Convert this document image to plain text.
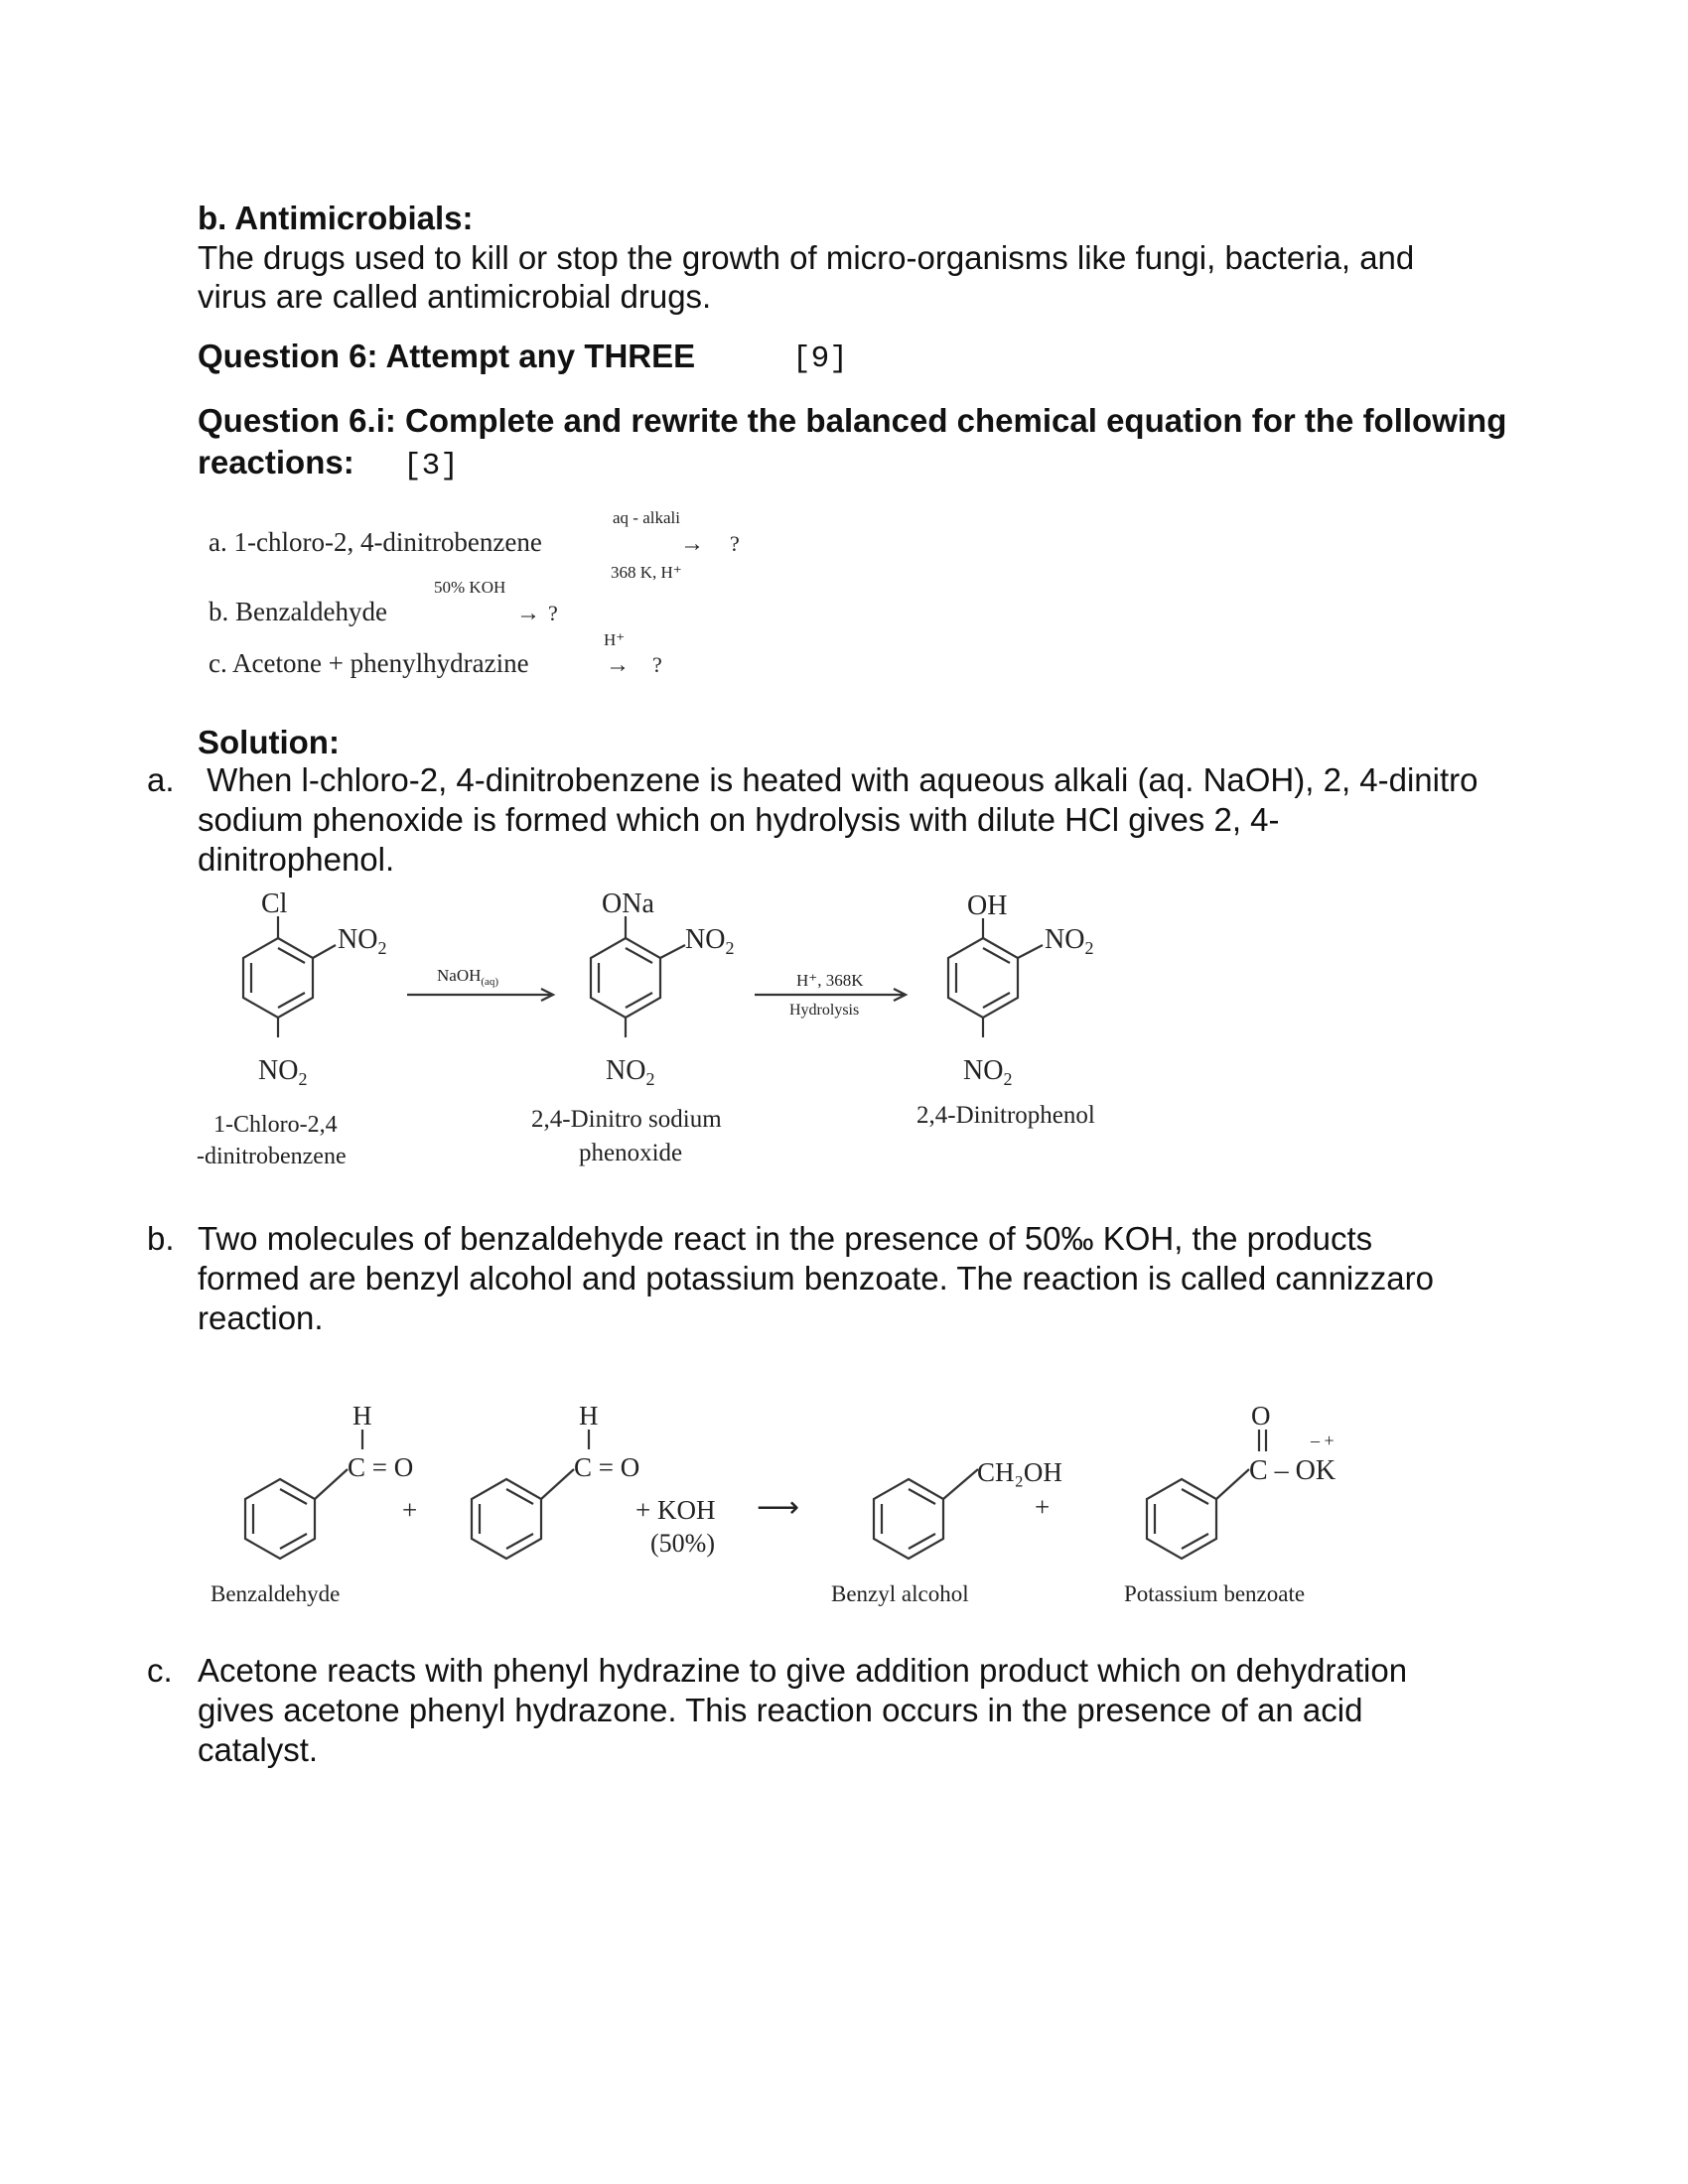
b. Antimicrobials:
The drugs used to kill or stop the growth of micro-organisms like fungi, bacteria, and
virus are called antimicrobial drugs.
Question 6: Attempt any THREE	[9]
Question 6.i: Complete and rewrite the balanced chemical equation for the following
reactions: [3]
a. 1-chloro-2, 4-dinitrobenzene
aq - alkali
→ ?
368 K, H⁺
b. Benzaldehyde
50% KOH
→ ?
c. Acetone + phenylhydrazine
H⁺
→ ?
Solution:
a. When l-chloro-2, 4-dinitrobenzene is heated with aqueous alkali (aq. NaOH), 2, 4-dinitro
sodium phenoxide is formed which on hydrolysis with dilute HCl gives 2, 4-
dinitrophenol.
Cl
$NO_2$
$NO_2$
1-Chloro-2,4
-dinitrobenzene
NaOH$_{(aq)}$
ONa
$NO_2$
$NO_2$
2,4-Dinitro sodium
phenoxide
H⁺, 368K
Hydrolysis
OH
$NO_2$
$NO_2$
2,4-Dinitrophenol
b. Two molecules of benzaldehyde react in the presence of 50‰ KOH, the products
formed are benzyl alcohol and potassium benzoate. The reaction is called cannizzaro
reaction.
H
C = O
+
Benzaldehyde
H
C = O
+ KOH
(50%)
⟶
CH₂OH
+
Benzyl alcohol
O
– +
C – OK
Potassium benzoate
c. Acetone reacts with phenyl hydrazine to give addition product which on dehydration
gives acetone phenyl hydrazone. This reaction occurs in the presence of an acid
catalyst.
